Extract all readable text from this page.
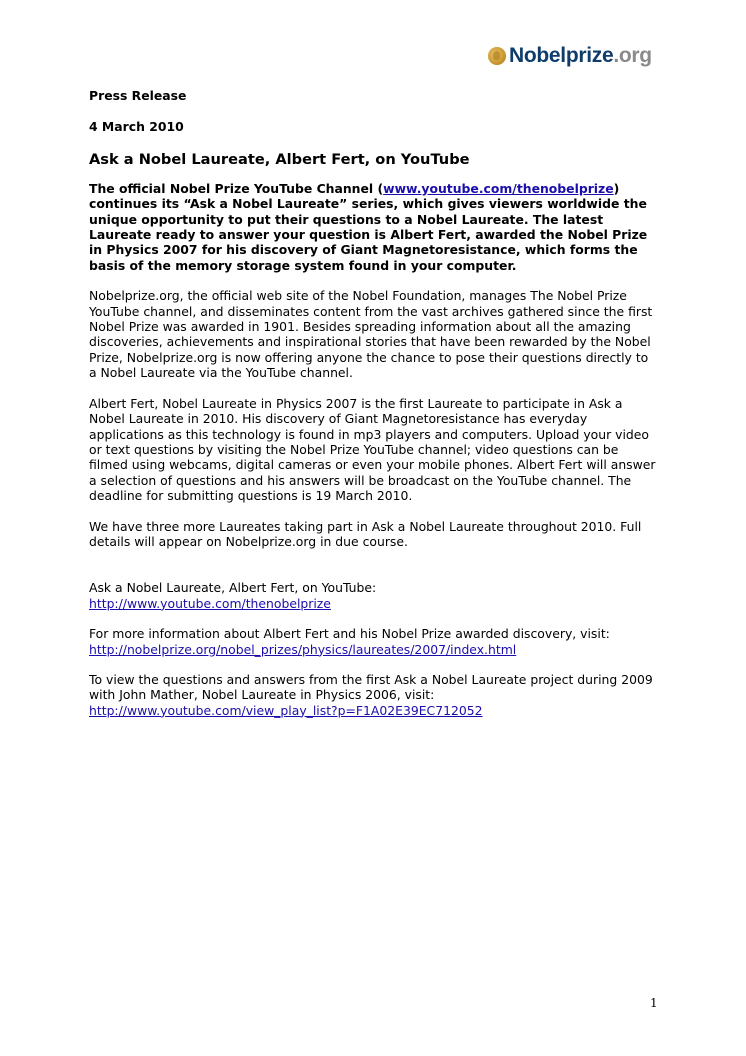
Nobelprize.org

Press Release

4 March 2010

Ask a Nobel Laureate, Albert Fert, on YouTube

The official Nobel Prize YouTube Channel (www.youtube.com/thenobelprize) continues its “Ask a Nobel Laureate” series, which gives viewers worldwide the unique opportunity to put their questions to a Nobel Laureate. The latest Laureate ready to answer your question is Albert Fert, awarded the Nobel Prize in Physics 2007 for his discovery of Giant Magnetoresistance, which forms the basis of the memory storage system found in your computer.

Nobelprize.org, the official web site of the Nobel Foundation, manages The Nobel Prize YouTube channel, and disseminates content from the vast archives gathered since the first Nobel Prize was awarded in 1901. Besides spreading information about all the amazing discoveries, achievements and inspirational stories that have been rewarded by the Nobel Prize, Nobelprize.org is now offering anyone the chance to pose their questions directly to a Nobel Laureate via the YouTube channel.

Albert Fert, Nobel Laureate in Physics 2007 is the first Laureate to participate in Ask a Nobel Laureate in 2010. His discovery of Giant Magnetoresistance has everyday applications as this technology is found in mp3 players and computers. Upload your video or text questions by visiting the Nobel Prize YouTube channel; video questions can be filmed using webcams, digital cameras or even your mobile phones. Albert Fert will answer a selection of questions and his answers will be broadcast on the YouTube channel. The deadline for submitting questions is 19 March 2010.

We have three more Laureates taking part in Ask a Nobel Laureate throughout 2010. Full details will appear on Nobelprize.org in due course.

Ask a Nobel Laureate, Albert Fert, on YouTube:
http://www.youtube.com/thenobelprize

For more information about Albert Fert and his Nobel Prize awarded discovery, visit:
http://nobelprize.org/nobel_prizes/physics/laureates/2007/index.html

To view the questions and answers from the first Ask a Nobel Laureate project during 2009 with John Mather, Nobel Laureate in Physics 2006, visit:
http://www.youtube.com/view_play_list?p=F1A02E39EC712052

1
